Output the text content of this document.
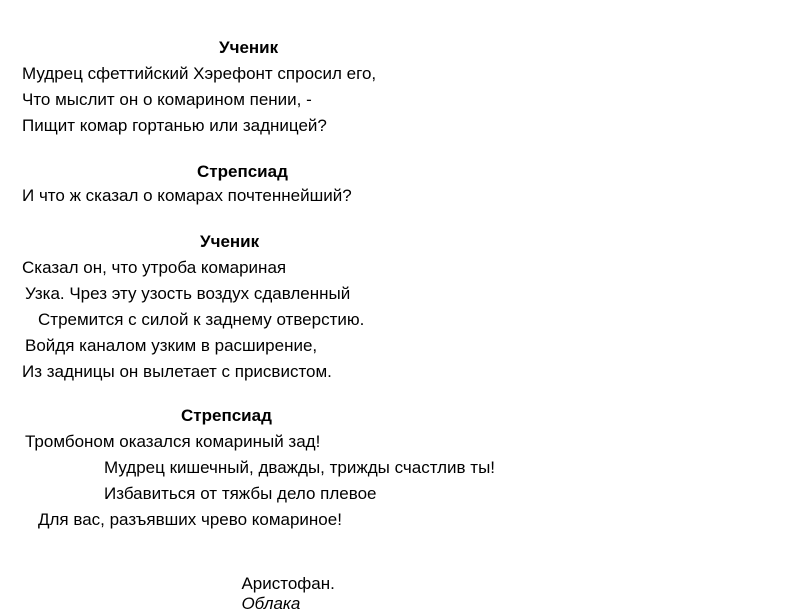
Ученик
Мудрец сфеттийский Хэрефонт спросил его,
Что мыслит он о комарином пении, -
Пищит комар гортанью или задницей?
Стрепсиад
И что ж сказал о комарах почтеннейший?
Ученик
Сказал он, что утроба комариная
Узка. Чрез эту узость воздух сдавленный
Стремится с силой к заднему отверстию.
Войдя каналом узким в расширение,
Из задницы он вылетает с присвистом.
Стрепсиад
Тромбоном оказался комариный зад!
Мудрец кишечный, дважды, трижды счастлив ты!
Избавиться от тяжбы дело плевое
Для вас, разъявших чрево комариное!

Аристофан.
Облака
